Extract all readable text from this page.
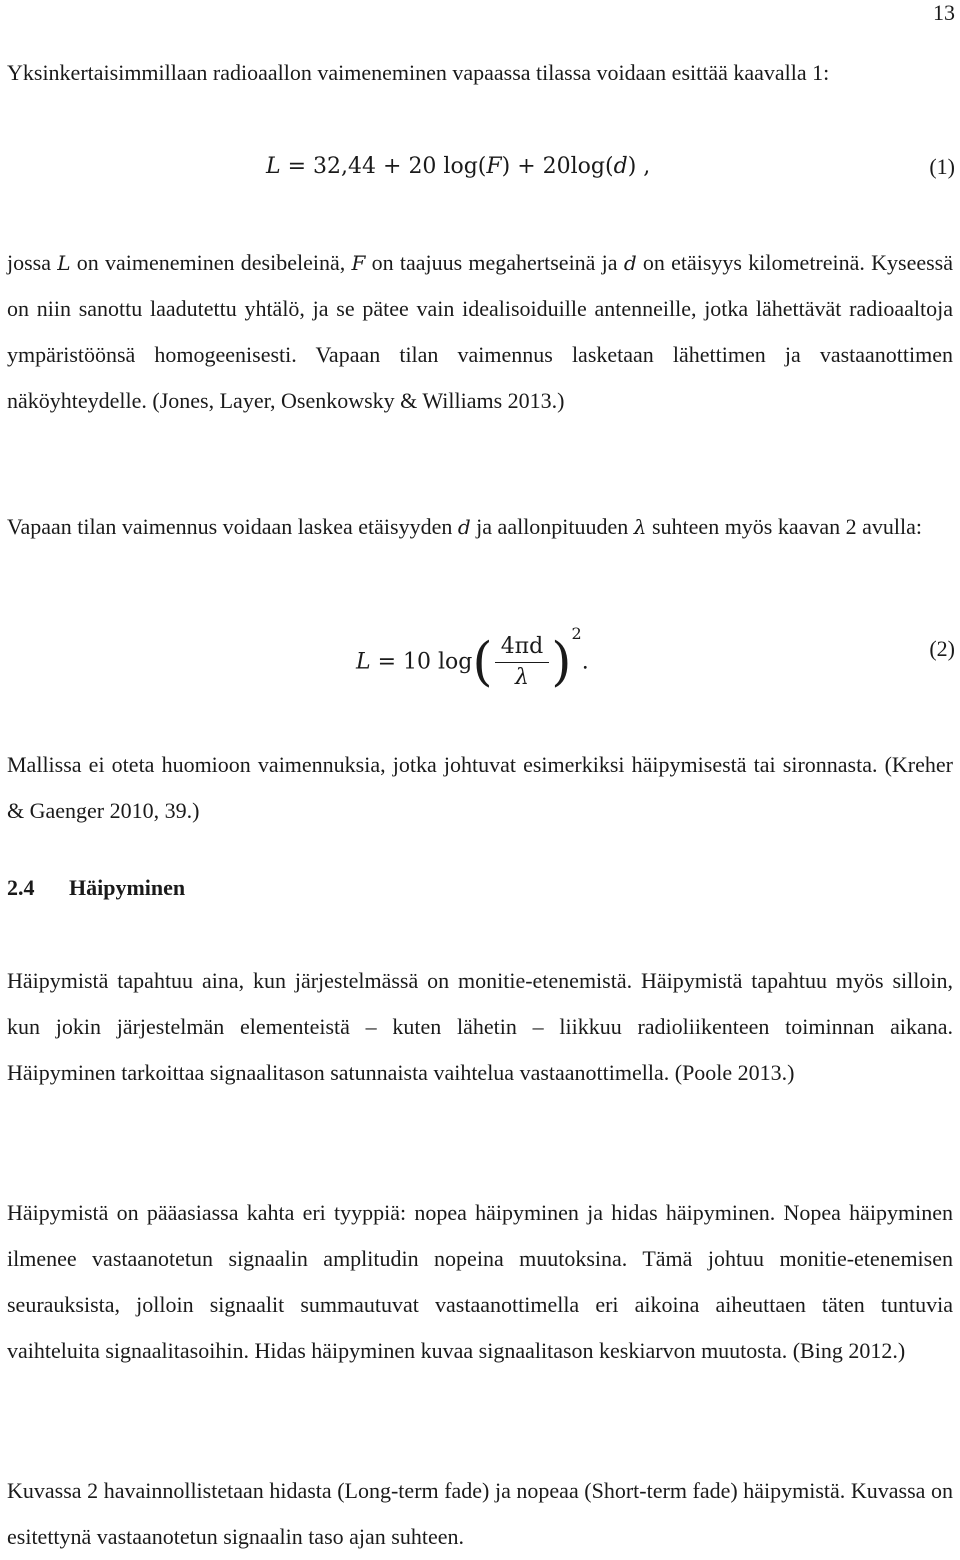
13

Yksinkertaisimmillaan radioaallon vaimeneminen vapaassa tilassa voidaan esittää kaavalla 1:

L = 32,44 + 20 log(F) + 20log(d) ,	(1)

jossa L on vaimeneminen desibeleinä, F on taajuus megahertseinä ja d on etäisyys kilometreinä. Kyseessä on niin sanottu laadutettu yhtälö, ja se pätee vain idealisoiduille antenneille, jotka lähettävät radioaaltoja ympäristöönsä homogeenisesti. Vapaan tilan vaimennus lasketaan lähettimen ja vastaanottimen näköyhteydelle. (Jones, Layer, Osenkowsky & Williams 2013.)

Vapaan tilan vaimennus voidaan laskea etäisyyden d ja aallonpituuden λ suhteen myös kaavan 2 avulla:

L = 10 $\log( \frac{4\pi d}{\lambda} )^2$.
(2)

Mallissa ei oteta huomioon vaimennuksia, jotka johtuvat esimerkiksi häipymisestä tai sironnasta. (Kreher & Gaenger 2010, 39.)

2.4 Häipyminen

Häipymistä tapahtuu aina, kun järjestelmässä on monitie-etenemistä. Häipymistä tapahtuu myös silloin, kun jokin järjestelmän elementeistä – kuten lähetin – liikkuu radioliikenteen toiminnan aikana. Häipyminen tarkoittaa signaalitason satunnaista vaihtelua vastaanottimella. (Poole 2013.)

Häipymistä on pääasiassa kahta eri tyyppiä: nopea häipyminen ja hidas häipyminen. Nopea häipyminen ilmenee vastaanotetun signaalin amplitudin nopeina muutoksina. Tämä johtuu monitie-etenemisen seurauksista, jolloin signaalit summautuvat vastaanottimella eri aikoina aiheuttaen täten tuntuvia vaihteluita signaalitasoihin. Hidas häipyminen kuvaa signaalitason keskiarvon muutosta. (Bing 2012.)

Kuvassa 2 havainnollistetaan hidasta (Long-term fade) ja nopeaa (Short-term fade) häipymistä. Kuvassa on esitettynä vastaanotetun signaalin taso ajan suhteen.
